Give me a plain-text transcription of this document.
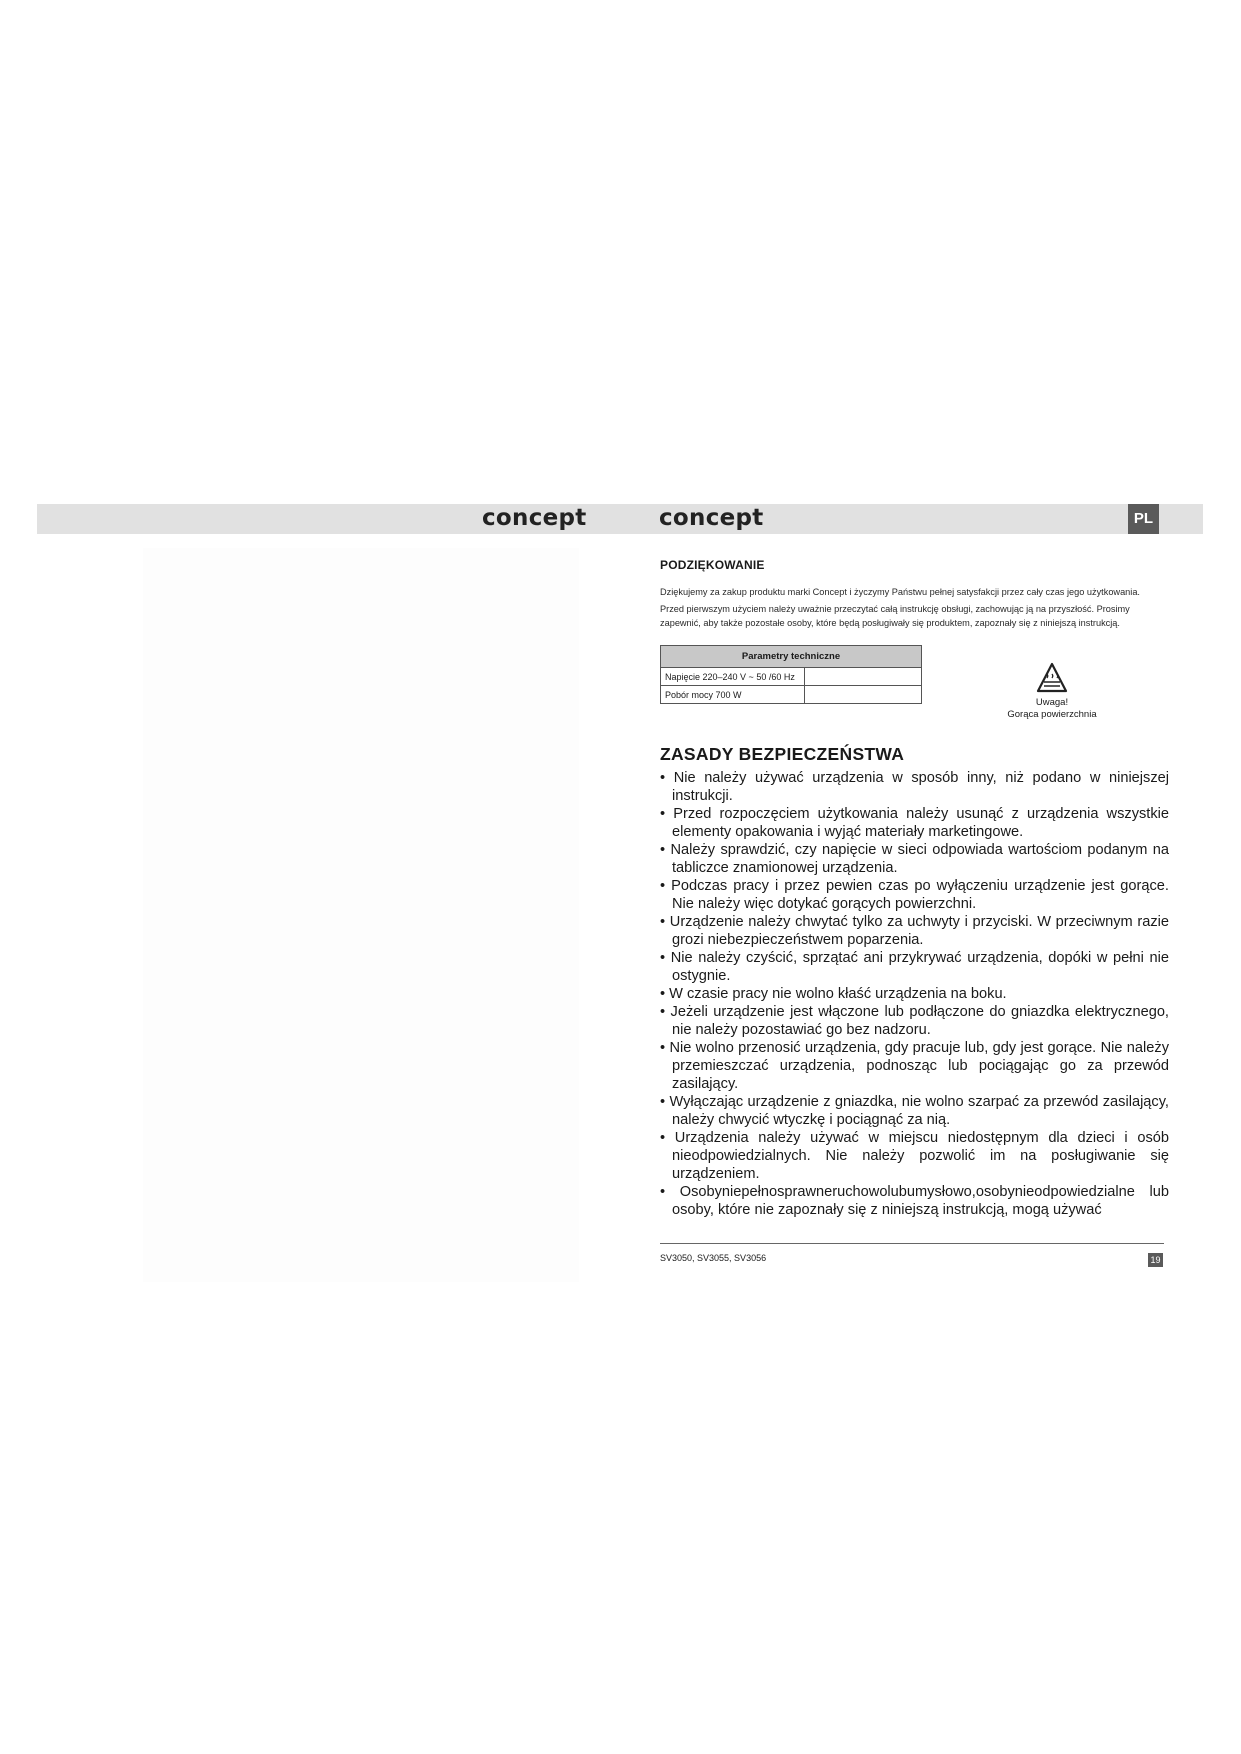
concept	concept	PL
PODZIĘKOWANIE

Dziękujemy za zakup produktu marki Concept i życzymy Państwu pełnej satysfakcji przez cały czas jego użytkowania.

Przed pierwszym użyciem należy uważnie przeczytać całą instrukcję obsługi, zachowując ją na przyszłość. Prosimy zapewnić, aby także pozostałe osoby, które będą posługiwały się produktem, zapoznały się z niniejszą instrukcją.

Parametry techniczne	
Napięcie 220–240 V ~ 50 /60 Hz	
Pobór mocy 700 W	
Uwaga!
Gorąca powierzchnia
ZASADY BEZPIECZEŃSTWA
• Nie należy używać urządzenia w sposób inny, niż podano w niniejszej instrukcji.
• Przed rozpoczęciem użytkowania należy usunąć z urządzenia wszystkie elementy opakowania i wyjąć materiały marketingowe.
• Należy sprawdzić, czy napięcie w sieci odpowiada wartościom podanym na tabliczce znamionowej urządzenia.
• Podczas pracy i przez pewien czas po wyłączeniu urządzenie jest gorące. Nie należy więc dotykać gorących powierzchni.
• Urządzenie należy chwytać tylko za uchwyty i przyciski. W przeciwnym razie grozi niebezpieczeństwem poparzenia.
• Nie należy czyścić, sprzątać ani przykrywać urządzenia, dopóki w pełni nie ostygnie.
• W czasie pracy nie wolno kłaść urządzenia na boku.
• Jeżeli urządzenie jest włączone lub podłączone do gniazdka elektrycznego, nie należy pozostawiać go bez nadzoru.
• Nie wolno przenosić urządzenia, gdy pracuje lub, gdy jest gorące. Nie należy przemieszczać urządzenia, podnosząc lub pociągając go za przewód zasilający.
• Wyłączając urządzenie z gniazdka, nie wolno szarpać za przewód zasilający, należy chwycić wtyczkę i pociągnąć za nią.
• Urządzenia należy używać w miejscu niedostępnym dla dzieci i osób nieodpowiedzialnych. Nie należy pozwolić im na posługiwanie się urządzeniem.
• Osobyniepełnosprawneruchowolubumysłowo,osobynieodpowiedzialne lub osoby, które nie zapoznały się z niniejszą instrukcją, mogą używać
SV3050, SV3055, SV3056	19
